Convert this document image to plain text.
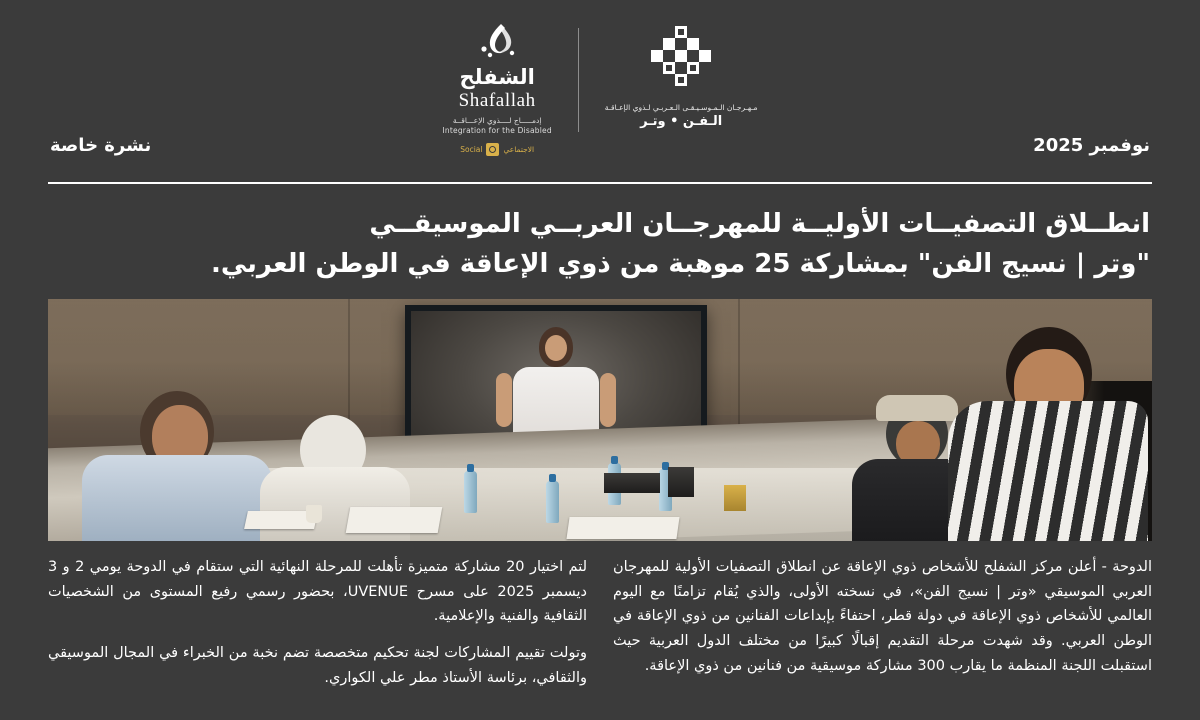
مـهـرجـان الـمـوسـيـقـى الـعـربـي لـذوي الإعـاقـة
الـفـن • وتـر
الشفلح
Shafallah
إدمـــــاج لــــذوي الإعـــاقــة
Integration for the Disabled
الاجتماعي
Social	نوفمبر 2025
نشرة خاصة
انطــلاق التصفيــات الأوليــة للمهرجــان العربــي الموسيقــي
"وتر | نسيج الفن" بمشاركة 25 موهبة من ذوي الإعاقة في الوطن العربي.

الدوحة - أعلن مركز الشفلح للأشخاص ذوي الإعاقة عن انطلاق التصفيات الأولية للمهرجان العربي الموسيقي «وتر | نسيج الفن»، في نسخته الأولى، والذي يُقام تزامنًا مع اليوم العالمي للأشخاص ذوي الإعاقة في دولة قطر، احتفاءً بإبداعات الفنانين من ذوي الإعاقة في الوطن العربي. وقد شهدت مرحلة التقديم إقبالًا كبيرًا من مختلف الدول العربية حيث استقبلت اللجنة المنظمة ما يقارب 300 مشاركة موسيقية من فنانين من ذوي الإعاقة.

لتم اختيار 20 مشاركة متميزة تأهلت للمرحلة النهائية التي ستقام في الدوحة يومي 2 و 3 ديسمبر 2025 على مسرح UVENUE، بحضور رسمي رفيع المستوى من الشخصيات الثقافية والفنية والإعلامية.

وتولت تقييم المشاركات لجنة تحكيم متخصصة تضم نخبة من الخبراء في المجال الموسيقي والثقافي، برئاسة الأستاذ مطر علي الكواري.
